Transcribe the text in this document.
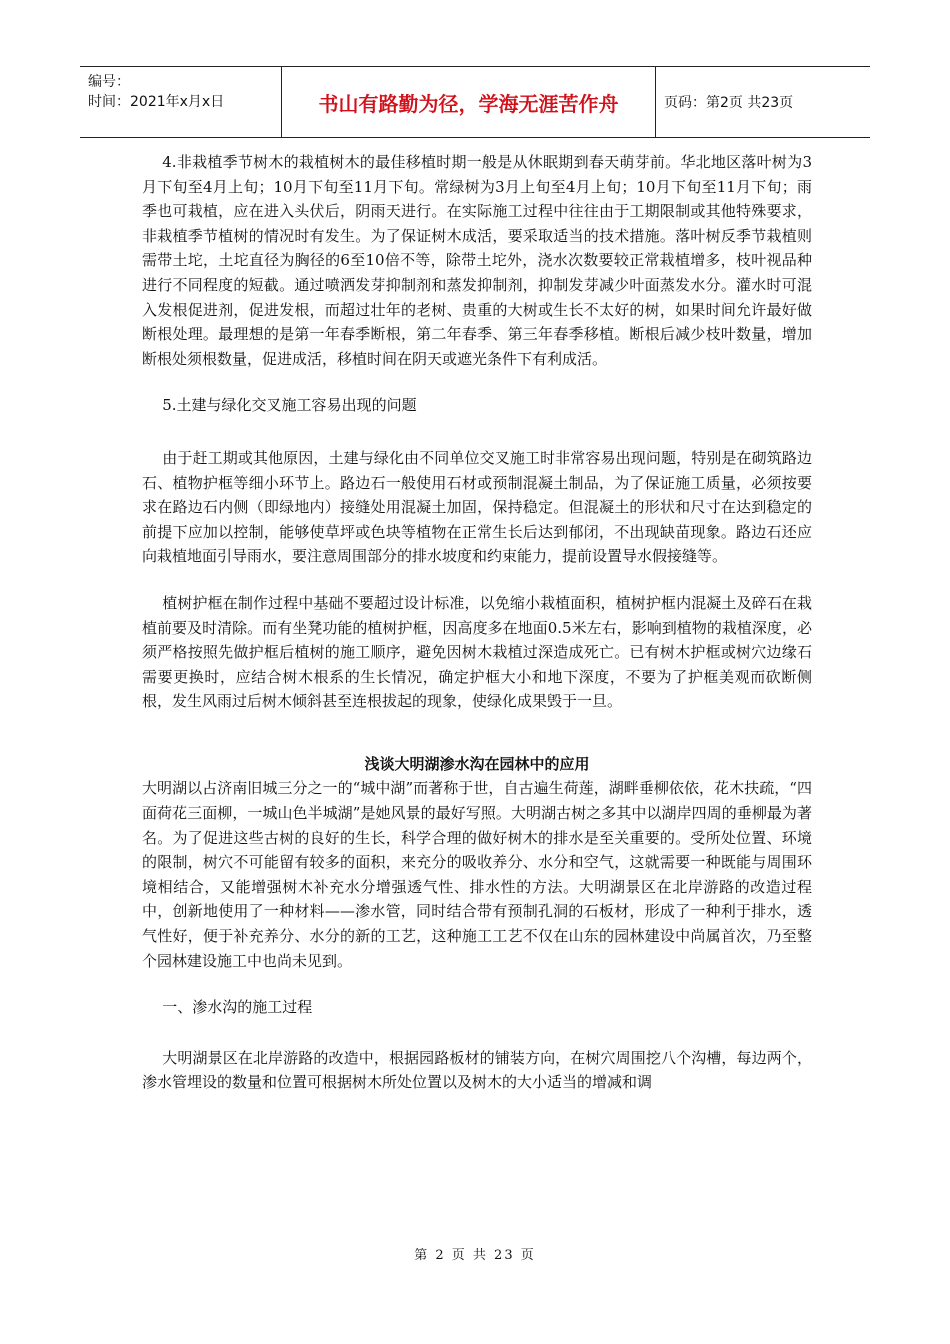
编号：
时间：2021年x月x日	书山有路勤为径，学海无涯苦作舟	页码：第2页 共23页

4.非栽植季节树木的栽植树木的最佳移植时期一般是从休眠期到春天萌芽前。华北地区落叶树为3月下旬至4月上旬；10月下旬至11月下旬。常绿树为3月上旬至4月上旬；10月下旬至11月下旬；雨季也可栽植，应在进入头伏后，阴雨天进行。在实际施工过程中往往由于工期限制或其他特殊要求，非栽植季节植树的情况时有发生。为了保证树木成活，要采取适当的技术措施。落叶树反季节栽植则需带土坨，土坨直径为胸径的6至10倍不等，除带土坨外，浇水次数要较正常栽植增多，枝叶视品种进行不同程度的短截。通过喷洒发芽抑制剂和蒸发抑制剂，抑制发芽减少叶面蒸发水分。灌水时可混入发根促进剂，促进发根，而超过壮年的老树、贵重的大树或生长不太好的树，如果时间允许最好做断根处理。最理想的是第一年春季断根，第二年春季、第三年春季移植。断根后减少枝叶数量，增加断根处须根数量，促进成活，移植时间在阴天或遮光条件下有利成活。

5.土建与绿化交叉施工容易出现的问题

由于赶工期或其他原因，土建与绿化由不同单位交叉施工时非常容易出现问题，特别是在砌筑路边石、植物护框等细小环节上。路边石一般使用石材或预制混凝土制品，为了保证施工质量，必须按要求在路边石内侧（即绿地内）接缝处用混凝土加固，保持稳定。但混凝土的形状和尺寸在达到稳定的前提下应加以控制，能够使草坪或色块等植物在正常生长后达到郁闭，不出现缺苗现象。路边石还应向栽植地面引导雨水，要注意周围部分的排水坡度和约束能力，提前设置导水假接缝等。

植树护框在制作过程中基础不要超过设计标准，以免缩小栽植面积，植树护框内混凝土及碎石在栽植前要及时清除。而有坐凳功能的植树护框，因高度多在地面0.5米左右，影响到植物的栽植深度，必须严格按照先做护框后植树的施工顺序，避免因树木栽植过深造成死亡。已有树木护框或树穴边缘石需要更换时，应结合树木根系的生长情况，确定护框大小和地下深度，不要为了护框美观而砍断侧根，发生风雨过后树木倾斜甚至连根拔起的现象，使绿化成果毁于一旦。

浅谈大明湖渗水沟在园林中的应用

大明湖以占济南旧城三分之一的“城中湖”而著称于世，自古遍生荷莲，湖畔垂柳依依，花木扶疏，“四面荷花三面柳，一城山色半城湖”是她风景的最好写照。大明湖古树之多其中以湖岸四周的垂柳最为著名。为了促进这些古树的良好的生长，科学合理的做好树木的排水是至关重要的。受所处位置、环境的限制，树穴不可能留有较多的面积，来充分的吸收养分、水分和空气，这就需要一种既能与周围环境相结合，又能增强树木补充水分增强透气性、排水性的方法。大明湖景区在北岸游路的改造过程中，创新地使用了一种材料——渗水管，同时结合带有预制孔洞的石板材，形成了一种利于排水，透气性好，便于补充养分、水分的新的工艺，这种施工工艺不仅在山东的园林建设中尚属首次，乃至整个园林建设施工中也尚未见到。

一、渗水沟的施工过程

大明湖景区在北岸游路的改造中，根据园路板材的铺装方向，在树穴周围挖八个沟槽，每边两个，渗水管埋设的数量和位置可根据树木所处位置以及树木的大小适当的增减和调

第 2 页 共 23 页
